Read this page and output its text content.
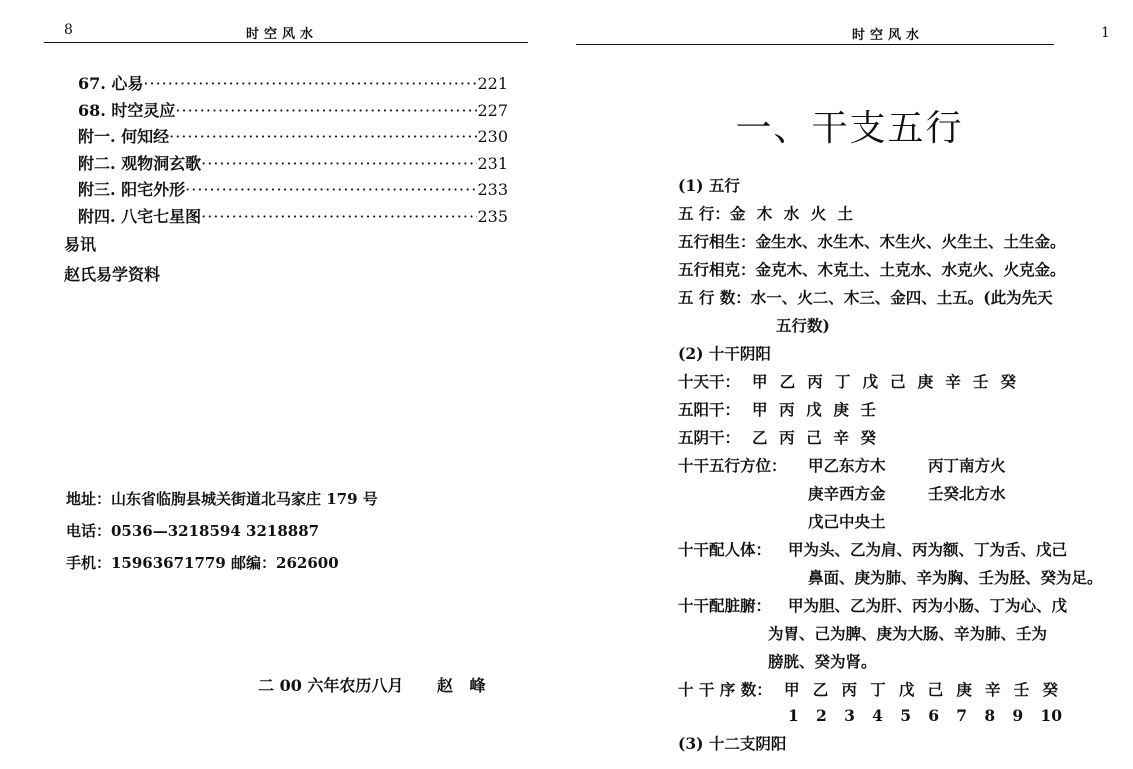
8	时空风水
67. 心易 ·····	221
68. 时空灵应 ·····	227
附一. 何知经 ·····	230
附二. 观物洞玄歌 ·····	231
附三. 阳宅外形 ·····	233
附四. 八宅七星图 ·····	235
易讯
赵氏易学资料
地址：山东省临朐县城关街道北马家庄 179 号
电话：0536—3218594 3218887
手机：15963671779 邮编：262600
二 00 六年农历八月      赵   峰
时空风水	1
一、干支五行
(1) 五行
五 行：金 木 水 火 土
五行相生：金生水、水生木、木生火、火生土、土生金。
五行相克：金克木、木克土、土克水、水克火、火克金。
五 行 数：水一、火二、木三、金四、土五。(此为先天
五行数)
(2) 十干阴阳
十天干： 甲 乙 丙 丁 戊 己 庚 辛 壬 癸
五阳干： 甲 丙 戊 庚 壬
五阴干： 乙 丙 己 辛 癸
十干五行方位： 甲乙东方木	丙丁南方火
庚辛西方金	壬癸北方水
戊己中央土
十干配人体： 甲为头、乙为肩、丙为额、丁为舌、戊己
鼻面、庚为肺、辛为胸、壬为胫、癸为足。
十干配脏腑： 甲为胆、乙为肝、丙为小肠、丁为心、戊
为胃、己为脾、庚为大肠、辛为肺、壬为
膀胱、癸为肾。
十 干 序 数： 甲 乙 丙 丁 戊 己 庚 辛 壬 癸
1 2 3 4 5 6 7 8 9 10
(3) 十二支阴阳
